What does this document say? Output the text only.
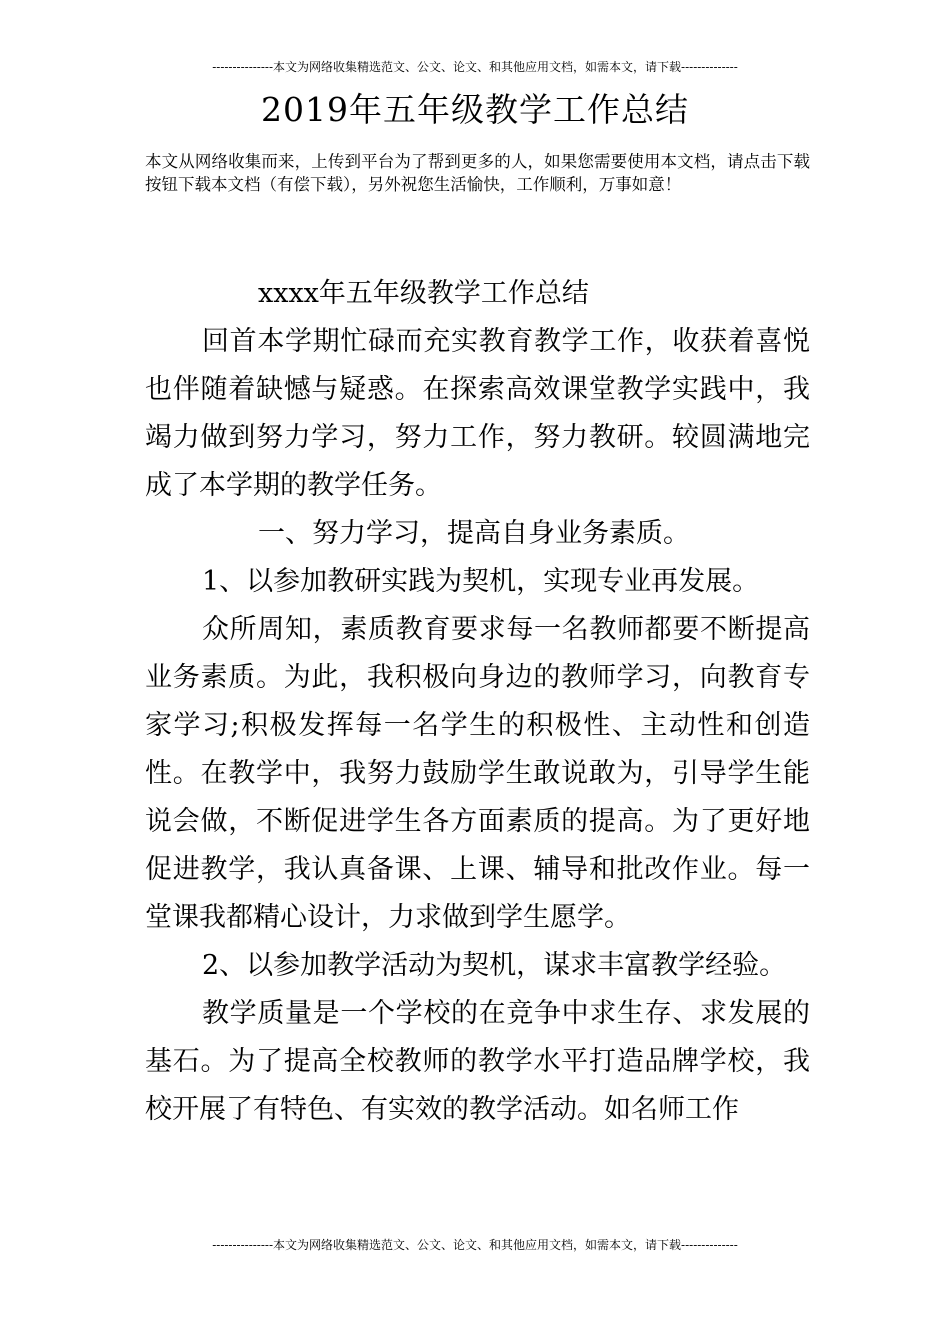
---------------本文为网络收集精选范文、公文、论文、和其他应用文档，如需本文，请下载--------------
2019年五年级教学工作总结

本文从网络收集而来，上传到平台为了帮到更多的人，如果您需要使用本文档，请点击下载按钮下载本文档（有偿下载），另外祝您生活愉快，工作顺利，万事如意！

xxxx年五年级教学工作总结

回首本学期忙碌而充实教育教学工作，收获着喜悦也伴随着缺憾与疑惑。在探索高效课堂教学实践中，我竭力做到努力学习，努力工作，努力教研。较圆满地完成了本学期的教学任务。

一、努力学习，提高自身业务素质。

1、以参加教研实践为契机，实现专业再发展。

众所周知，素质教育要求每一名教师都要不断提高业务素质。为此，我积极向身边的教师学习，向教育专家学习;积极发挥每一名学生的积极性、主动性和创造性。在教学中，我努力鼓励学生敢说敢为，引导学生能说会做，不断促进学生各方面素质的提高。为了更好地促进教学，我认真备课、上课、辅导和批改作业。每一堂课我都精心设计，力求做到学生愿学。

2、以参加教学活动为契机，谋求丰富教学经验。

教学质量是一个学校的在竞争中求生存、求发展的基石。为了提高全校教师的教学水平打造品牌学校，我校开展了有特色、有实效的教学活动。如名师工作

---------------本文为网络收集精选范文、公文、论文、和其他应用文档，如需本文，请下载--------------
